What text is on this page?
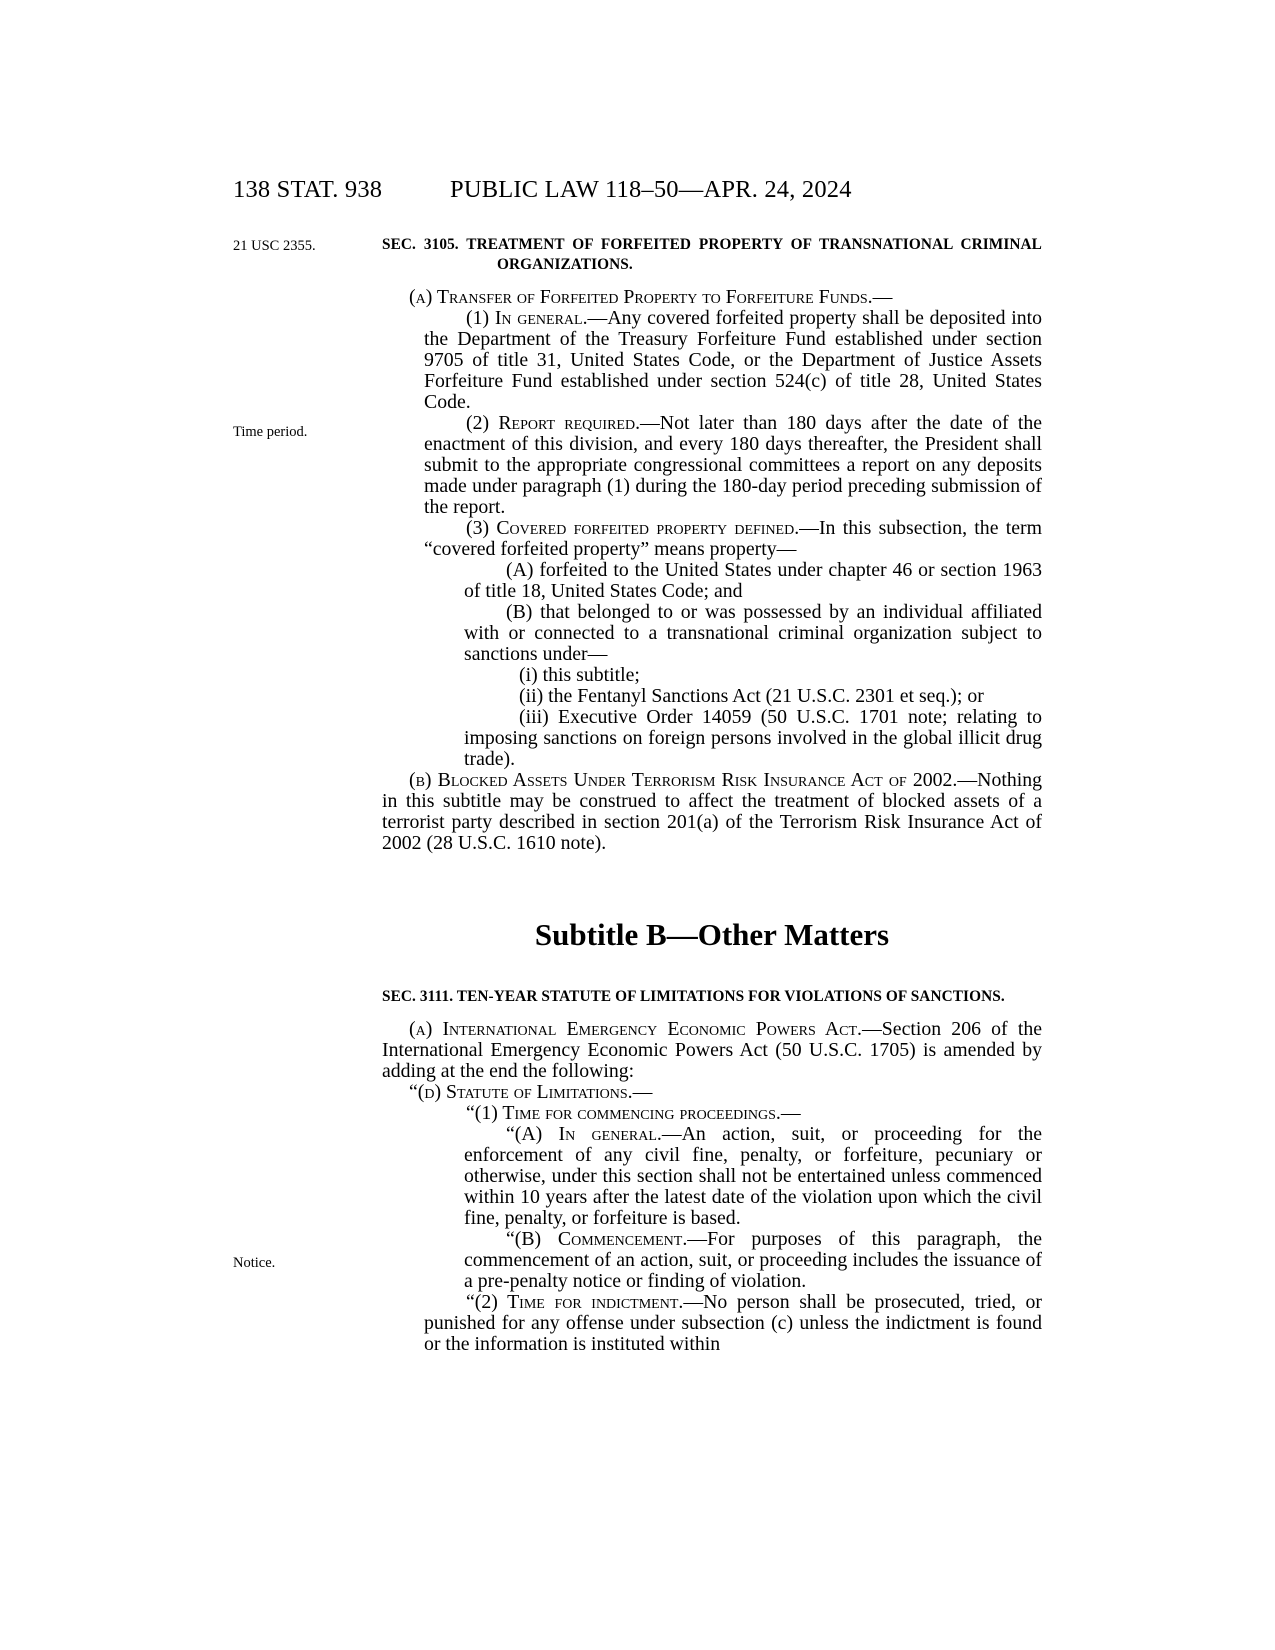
138 STAT. 938	PUBLIC LAW 118–50—APR. 24, 2024
21 USC 2355.
Time period.
Notice.

SEC. 3105. TREATMENT OF FORFEITED PROPERTY OF TRANSNATIONAL CRIMINAL ORGANIZATIONS.

(a) Transfer of Forfeited Property to Forfeiture Funds.—

(1) In general.—Any covered forfeited property shall be deposited into the Department of the Treasury Forfeiture Fund established under section 9705 of title 31, United States Code, or the Department of Justice Assets Forfeiture Fund established under section 524(c) of title 28, United States Code.

(2) Report required.—Not later than 180 days after the date of the enactment of this division, and every 180 days thereafter, the President shall submit to the appropriate congressional committees a report on any deposits made under paragraph (1) during the 180-day period preceding submission of the report.

(3) Covered forfeited property defined.—In this subsection, the term “covered forfeited property” means property—

(A) forfeited to the United States under chapter 46 or section 1963 of title 18, United States Code; and

(B) that belonged to or was possessed by an individual affiliated with or connected to a transnational criminal organization subject to sanctions under—

(i) this subtitle;

(ii) the Fentanyl Sanctions Act (21 U.S.C. 2301 et seq.); or

(iii) Executive Order 14059 (50 U.S.C. 1701 note; relating to imposing sanctions on foreign persons involved in the global illicit drug trade).

(b) Blocked Assets Under Terrorism Risk Insurance Act of 2002.—Nothing in this subtitle may be construed to affect the treatment of blocked assets of a terrorist party described in section 201(a) of the Terrorism Risk Insurance Act of 2002 (28 U.S.C. 1610 note).

Subtitle B—Other Matters

SEC. 3111. TEN-YEAR STATUTE OF LIMITATIONS FOR VIOLATIONS OF SANCTIONS.

(a) International Emergency Economic Powers Act.—Section 206 of the International Emergency Economic Powers Act (50 U.S.C. 1705) is amended by adding at the end the following:

“(d) Statute of Limitations.—

“(1) Time for commencing proceedings.—

“(A) In general.—An action, suit, or proceeding for the enforcement of any civil fine, penalty, or forfeiture, pecuniary or otherwise, under this section shall not be entertained unless commenced within 10 years after the latest date of the violation upon which the civil fine, penalty, or forfeiture is based.

“(B) Commencement.—For purposes of this paragraph, the commencement of an action, suit, or proceeding includes the issuance of a pre-penalty notice or finding of violation.

“(2) Time for indictment.—No person shall be prosecuted, tried, or punished for any offense under subsection (c) unless the indictment is found or the information is instituted within
